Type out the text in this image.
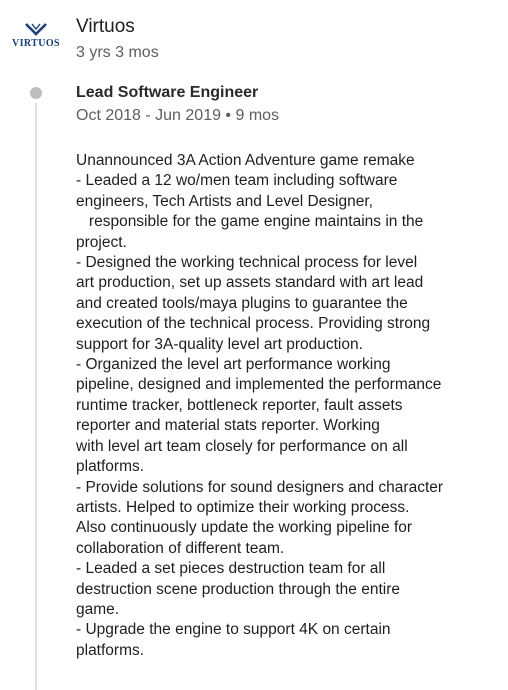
VIRTUOS
Virtuos
3 yrs 3 mos
Lead Software Engineer
Oct 2018 - Jun 2019 • 9 mos
Unannounced 3A Action Adventure game remake
- Leaded a 12 wo/men team including software
engineers, Tech Artists and Level Designer,
responsible for the game engine maintains in the
project.
- Designed the working technical process for level
art production, set up assets standard with art lead
and created tools/maya plugins to guarantee the
execution of the technical process. Providing strong
support for 3A-quality level art production.
- Organized the level art performance working
pipeline, designed and implemented the performance
runtime tracker, bottleneck reporter, fault assets
reporter and material stats reporter. Working
with level art team closely for performance on all
platforms.
- Provide solutions for sound designers and character
artists. Helped to optimize their working process.
Also continuously update the working pipeline for
collaboration of different team.
- Leaded a set pieces destruction team for all
destruction scene production through the entire
game.
- Upgrade the engine to support 4K on certain
platforms.
